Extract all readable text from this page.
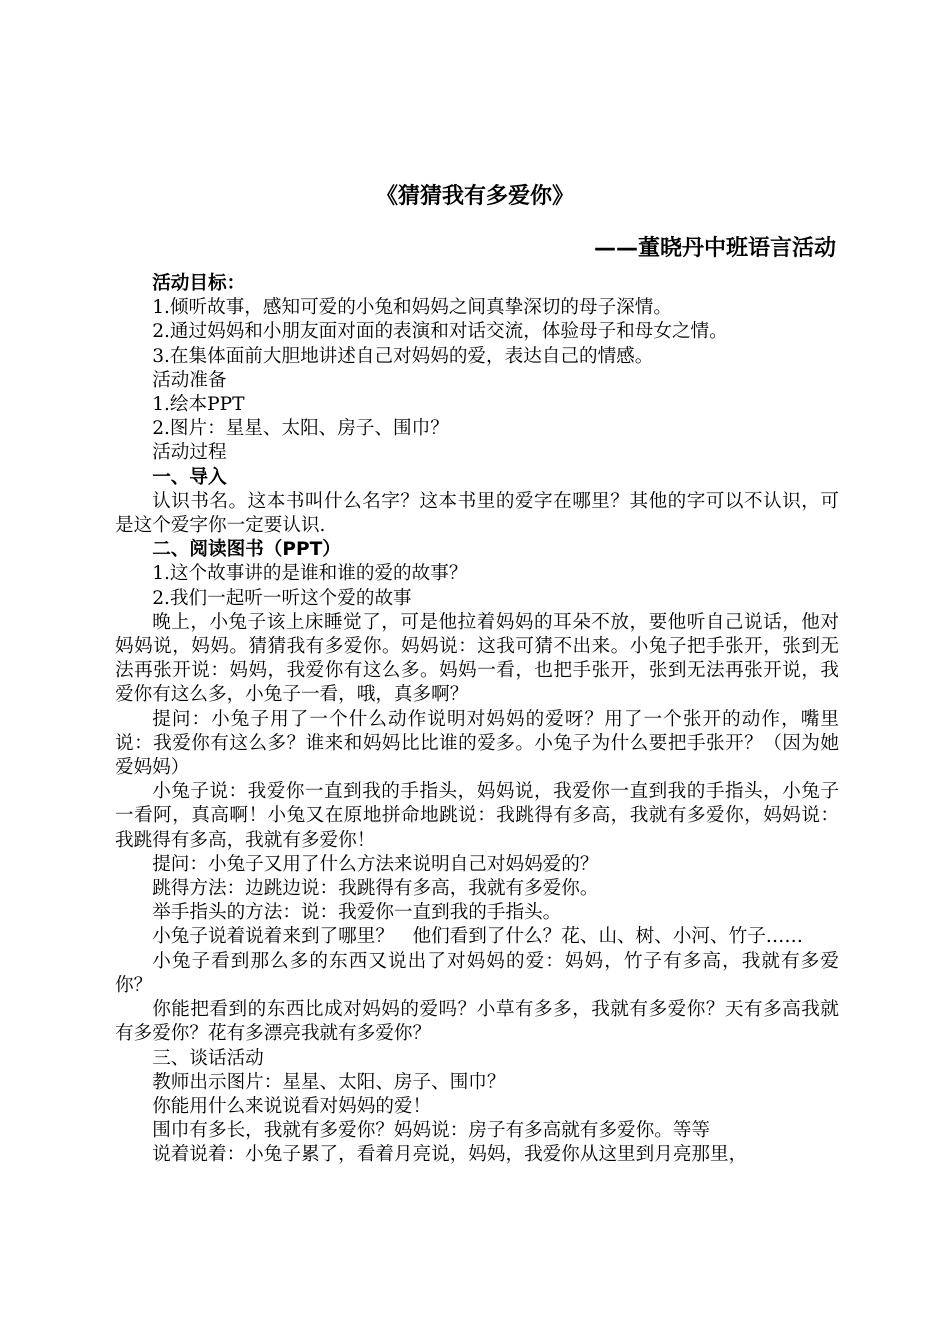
《猜猜我有多爱你》
——董晓丹中班语言活动

活动目标：

1.倾听故事，感知可爱的小兔和妈妈之间真挚深切的母子深情。

2.通过妈妈和小朋友面对面的表演和对话交流，体验母子和母女之情。

3.在集体面前大胆地讲述自己对妈妈的爱，表达自己的情感。

活动准备

1.绘本PPT

2.图片：星星、太阳、房子、围巾？

活动过程

一、导入

认识书名。这本书叫什么名字？这本书里的爱字在哪里？其他的字可以不认识，可是这个爱字你一定要认识.

二、阅读图书（PPT）

1.这个故事讲的是谁和谁的爱的故事？

2.我们一起听一听这个爱的故事

晚上，小兔子该上床睡觉了，可是他拉着妈妈的耳朵不放，要他听自己说话，他对妈妈说，妈妈。猜猜我有多爱你。妈妈说：这我可猜不出来。小兔子把手张开，张到无法再张开说：妈妈，我爱你有这么多。妈妈一看，也把手张开，张到无法再张开说，我爱你有这么多，小兔子一看，哦，真多啊？

提问：小兔子用了一个什么动作说明对妈妈的爱呀？用了一个张开的动作，嘴里说：我爱你有这么多？谁来和妈妈比比谁的爱多。小兔子为什么要把手张开？（因为她爱妈妈）

小兔子说：我爱你一直到我的手指头，妈妈说，我爱你一直到我的手指头，小兔子一看阿，真高啊！小兔又在原地拼命地跳说：我跳得有多高，我就有多爱你，妈妈说：我跳得有多高，我就有多爱你！

提问：小兔子又用了什么方法来说明自己对妈妈爱的？

跳得方法：边跳边说：我跳得有多高，我就有多爱你。

举手指头的方法：说：我爱你一直到我的手指头。

小兔子说着说着来到了哪里？　他们看到了什么？花、山、树、小河、竹子……

小兔子看到那么多的东西又说出了对妈妈的爱：妈妈，竹子有多高，我就有多爱你？

你能把看到的东西比成对妈妈的爱吗？小草有多多，我就有多爱你？天有多高我就有多爱你？花有多漂亮我就有多爱你？

三、谈话活动

教师出示图片：星星、太阳、房子、围巾？

你能用什么来说说看对妈妈的爱！

围巾有多长，我就有多爱你？妈妈说：房子有多高就有多爱你。等等

说着说着：小兔子累了，看着月亮说，妈妈，我爱你从这里到月亮那里，
